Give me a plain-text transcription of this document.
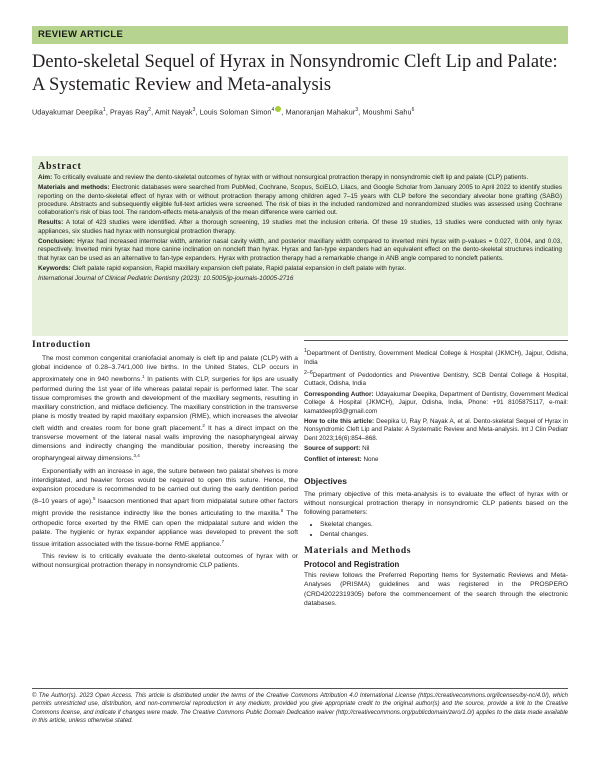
REVIEW ARTICLE
Dento-skeletal Sequel of Hyrax in Nonsyndromic Cleft Lip and Palate: A Systematic Review and Meta-analysis
Udayakumar Deepika$^1$, Prayas Ray$^2$, Amit Nayak$^3$, Louis Soloman Simon$^4$ , Manoranjan Mahakur$^3$, Moushmi Sahu$^6$
Abstract

Aim: To critically evaluate and review the dento-skeletal outcomes of hyrax with or without nonsurgical protraction therapy in nonsyndromic cleft lip and palate (CLP) patients.

Materials and methods: Electronic databases were searched from PubMed, Cochrane, Scopus, SciELO, Lilacs, and Google Scholar from January 2005 to April 2022 to identify studies reporting on the dento-skeletal effect of hyrax with or without protraction therapy among children aged 7–15 years with CLP before the secondary alveolar bone grafting (SABG) procedure. Abstracts and subsequently eligible full-text articles were screened. The risk of bias in the included randomized and nonrandomized studies was assessed using Cochrane collaboration's risk of bias tool. The random-effects meta-analysis of the mean difference were carried out.

Results: A total of 423 studies were identified. After a thorough screening, 19 studies met the inclusion criteria. Of these 19 studies, 13 studies were conducted with only hyrax appliances, six studies had hyrax with nonsurgical protraction therapy.

Conclusion: Hyrax had increased intermolar width, anterior nasal cavity width, and posterior maxillary width compared to inverted mini hyrax with p-values = 0.027, 0.004, and 0.03, respectively. Inverted mini hyrax had more canine inclination on noncleft than hyrax. Hyrax and fan-type expanders had an equivalent effect on the dento-skeletal structures indicating that hyrax can be used as an alternative to fan-type expanders. Hyrax with protraction therapy had a remarkable change in ANB angle compared to noncleft patients.

Keywords: Cleft palate rapid expansion, Rapid maxillary expansion cleft palate, Rapid palatal expansion in cleft palate with hyrax.

International Journal of Clinical Pediatric Dentistry (2023): 10.5005/jp-journals-10005-2716

Introduction

The most common congenital craniofacial anomaly is cleft lip and palate (CLP) with a global incidence of 0.28–3.74/1,000 live births. In the United States, CLP occurs in approximately one in 940 newborns.$^1$ In patients with CLP, surgeries for lips are usually performed during the 1st year of life whereas palatal repair is performed later. The scar tissue compromises the growth and development of the maxillary segments, resulting in maxillary constriction, and midface deficiency. The maxillary constriction in the transverse plane is mostly treated by rapid maxillary expansion (RME), which increases the alveolar cleft width and creates room for bone graft placement.$^2$ It has a direct impact on the transverse movement of the lateral nasal walls improving the nasopharyngeal airway dimensions and indirectly changing the mandibular position, thereby increasing the oropharyngeal airway dimensions.$^{3,4}$

Exponentially with an increase in age, the suture between two palatal shelves is more interdigitated, and heavier forces would be required to open this suture. Hence, the expansion procedure is recommended to be carried out during the early dentition period (8–10 years of age).$^5$ Isaacson mentioned that apart from midpalatal suture other factors might provide the resistance indirectly like the bones articulating to the maxilla.$^6$ The orthopedic force exerted by the RME can open the midpalatal suture and widen the palate. The hygienic or hyrax expander appliance was developed to prevent the soft tissue irritation associated with the tissue-borne RME appliance.$^7$

This review is to critically evaluate the dento-skeletal outcomes of hyrax with or without nonsurgical protraction therapy in nonsyndromic CLP patients.

$^1$Department of Dentistry, Government Medical College & Hospital (JKMCH), Jajpur, Odisha, India

$^{2-6}$Department of Pedodontics and Preventive Dentistry, SCB Dental College & Hospital, Cuttack, Odisha, India

Corresponding Author: Udayakumar Deepika, Department of Dentistry, Government Medical College & Hospital (JKMCH), Jajpur, Odisha, India, Phone: +91 8105875117, e-mail: kamatdeep93@gmail.com

How to cite this article: Deepika U, Ray P, Nayak A, et al. Dento-skeletal Sequel of Hyrax in Nonsyndromic Cleft Lip and Palate: A Systematic Review and Meta-analysis. Int J Clin Pediatr Dent 2023;16(6):854–868.

Source of support: Nil

Conflict of interest: None

Objectives

The primary objective of this meta-analysis is to evaluate the effect of hyrax with or without nonsurgical protraction therapy in nonsyndromic CLP patients based on the following parameters:

• Skeletal changes.
• Dental changes.
Materials and Methods
Protocol and Registration

This review follows the Preferred Reporting Items for Systematic Reviews and Meta-Analyses (PRISMA) guidelines and was registered in the PROSPERO (CRD42022319305) before the commencement of the search through the electronic databases.

© The Author(s). 2023 Open Access. This article is distributed under the terms of the Creative Commons Attribution 4.0 International License (https://creativecommons.org/licenses/by-nc/4.0/), which permits unrestricted use, distribution, and non-commercial reproduction in any medium, provided you give appropriate credit to the original author(s) and the source, provide a link to the Creative Commons license, and indicate if changes were made. The Creative Commons Public Domain Dedication waiver (http://creativecommons.org/publicdomain/zero/1.0/) applies to the data made available in this article, unless otherwise stated.
